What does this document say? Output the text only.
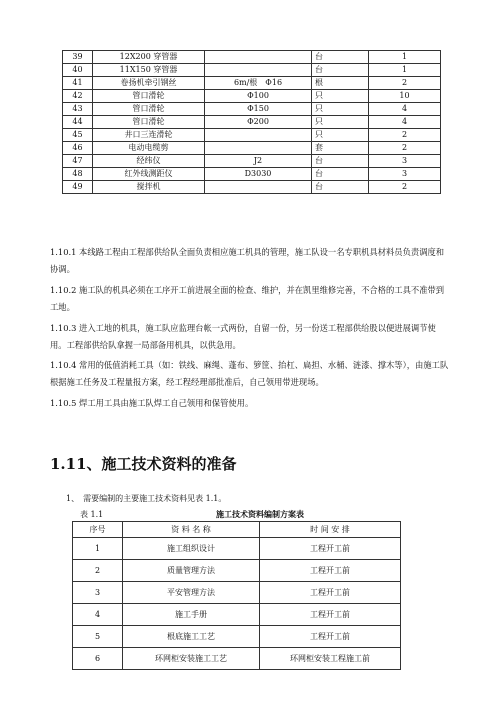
39	12X200 穿管器		台	1
40	11X150 穿管器		台	1
41	卷扬机牵引钢丝	6m/根　Φ16	根	2
42	管口滑轮	Φ100	只	10
43	管口滑轮	Φ150	只	4
44	管口滑轮	Φ200	只	4
45	井口三连滑轮		只	2
46	电动电缆剪		套	2
47	经纬仪	J2	台	3
48	红外线测距仪	D3030	台	3
49	搅拌机		台	2

1.10.1 本线路工程由工程部供给队全面负责相应施工机具的管理，施工队设一名专职机具材料员负责调度和协调。

1.10.2 施工队的机具必须在工序开工前进展全面的检查、维护，并在凯里维修完善，不合格的工具不准带到工地。

1.10.3 进入工地的机具，施工队应监理台帐一式两份，自留一份，另一份送工程部供给股以便进展调节使用。工程部供给队拿握一局部备用机具，以供急用。

1.10.4 常用的低值消耗工具（如：铁线、麻绳、蓬布、箩筐、抬杠、扁担、水桶、涟漆、撑木等），由施工队根据施工任务及工程量报方案，经工程经理部批准后，自己领用带进现场。

1.10.5 焊工用工具由施工队焊工自己领用和保管使用。

1.11、施工技术资料的准备

1、　需要编制的主要施工技术资料见表 1.1。

表 1.1	施工技术资料编制方案表
序号	资 料 名 称	时 间 安 排
1	施工组织设计	工程开工前
2	质量管理方法	工程开工前
3	平安管理方法	工程开工前
4	施工手册	工程开工前
5	根底施工工艺	工程开工前
6	环网柜安装施工工艺	环网柜安装工程施工前
